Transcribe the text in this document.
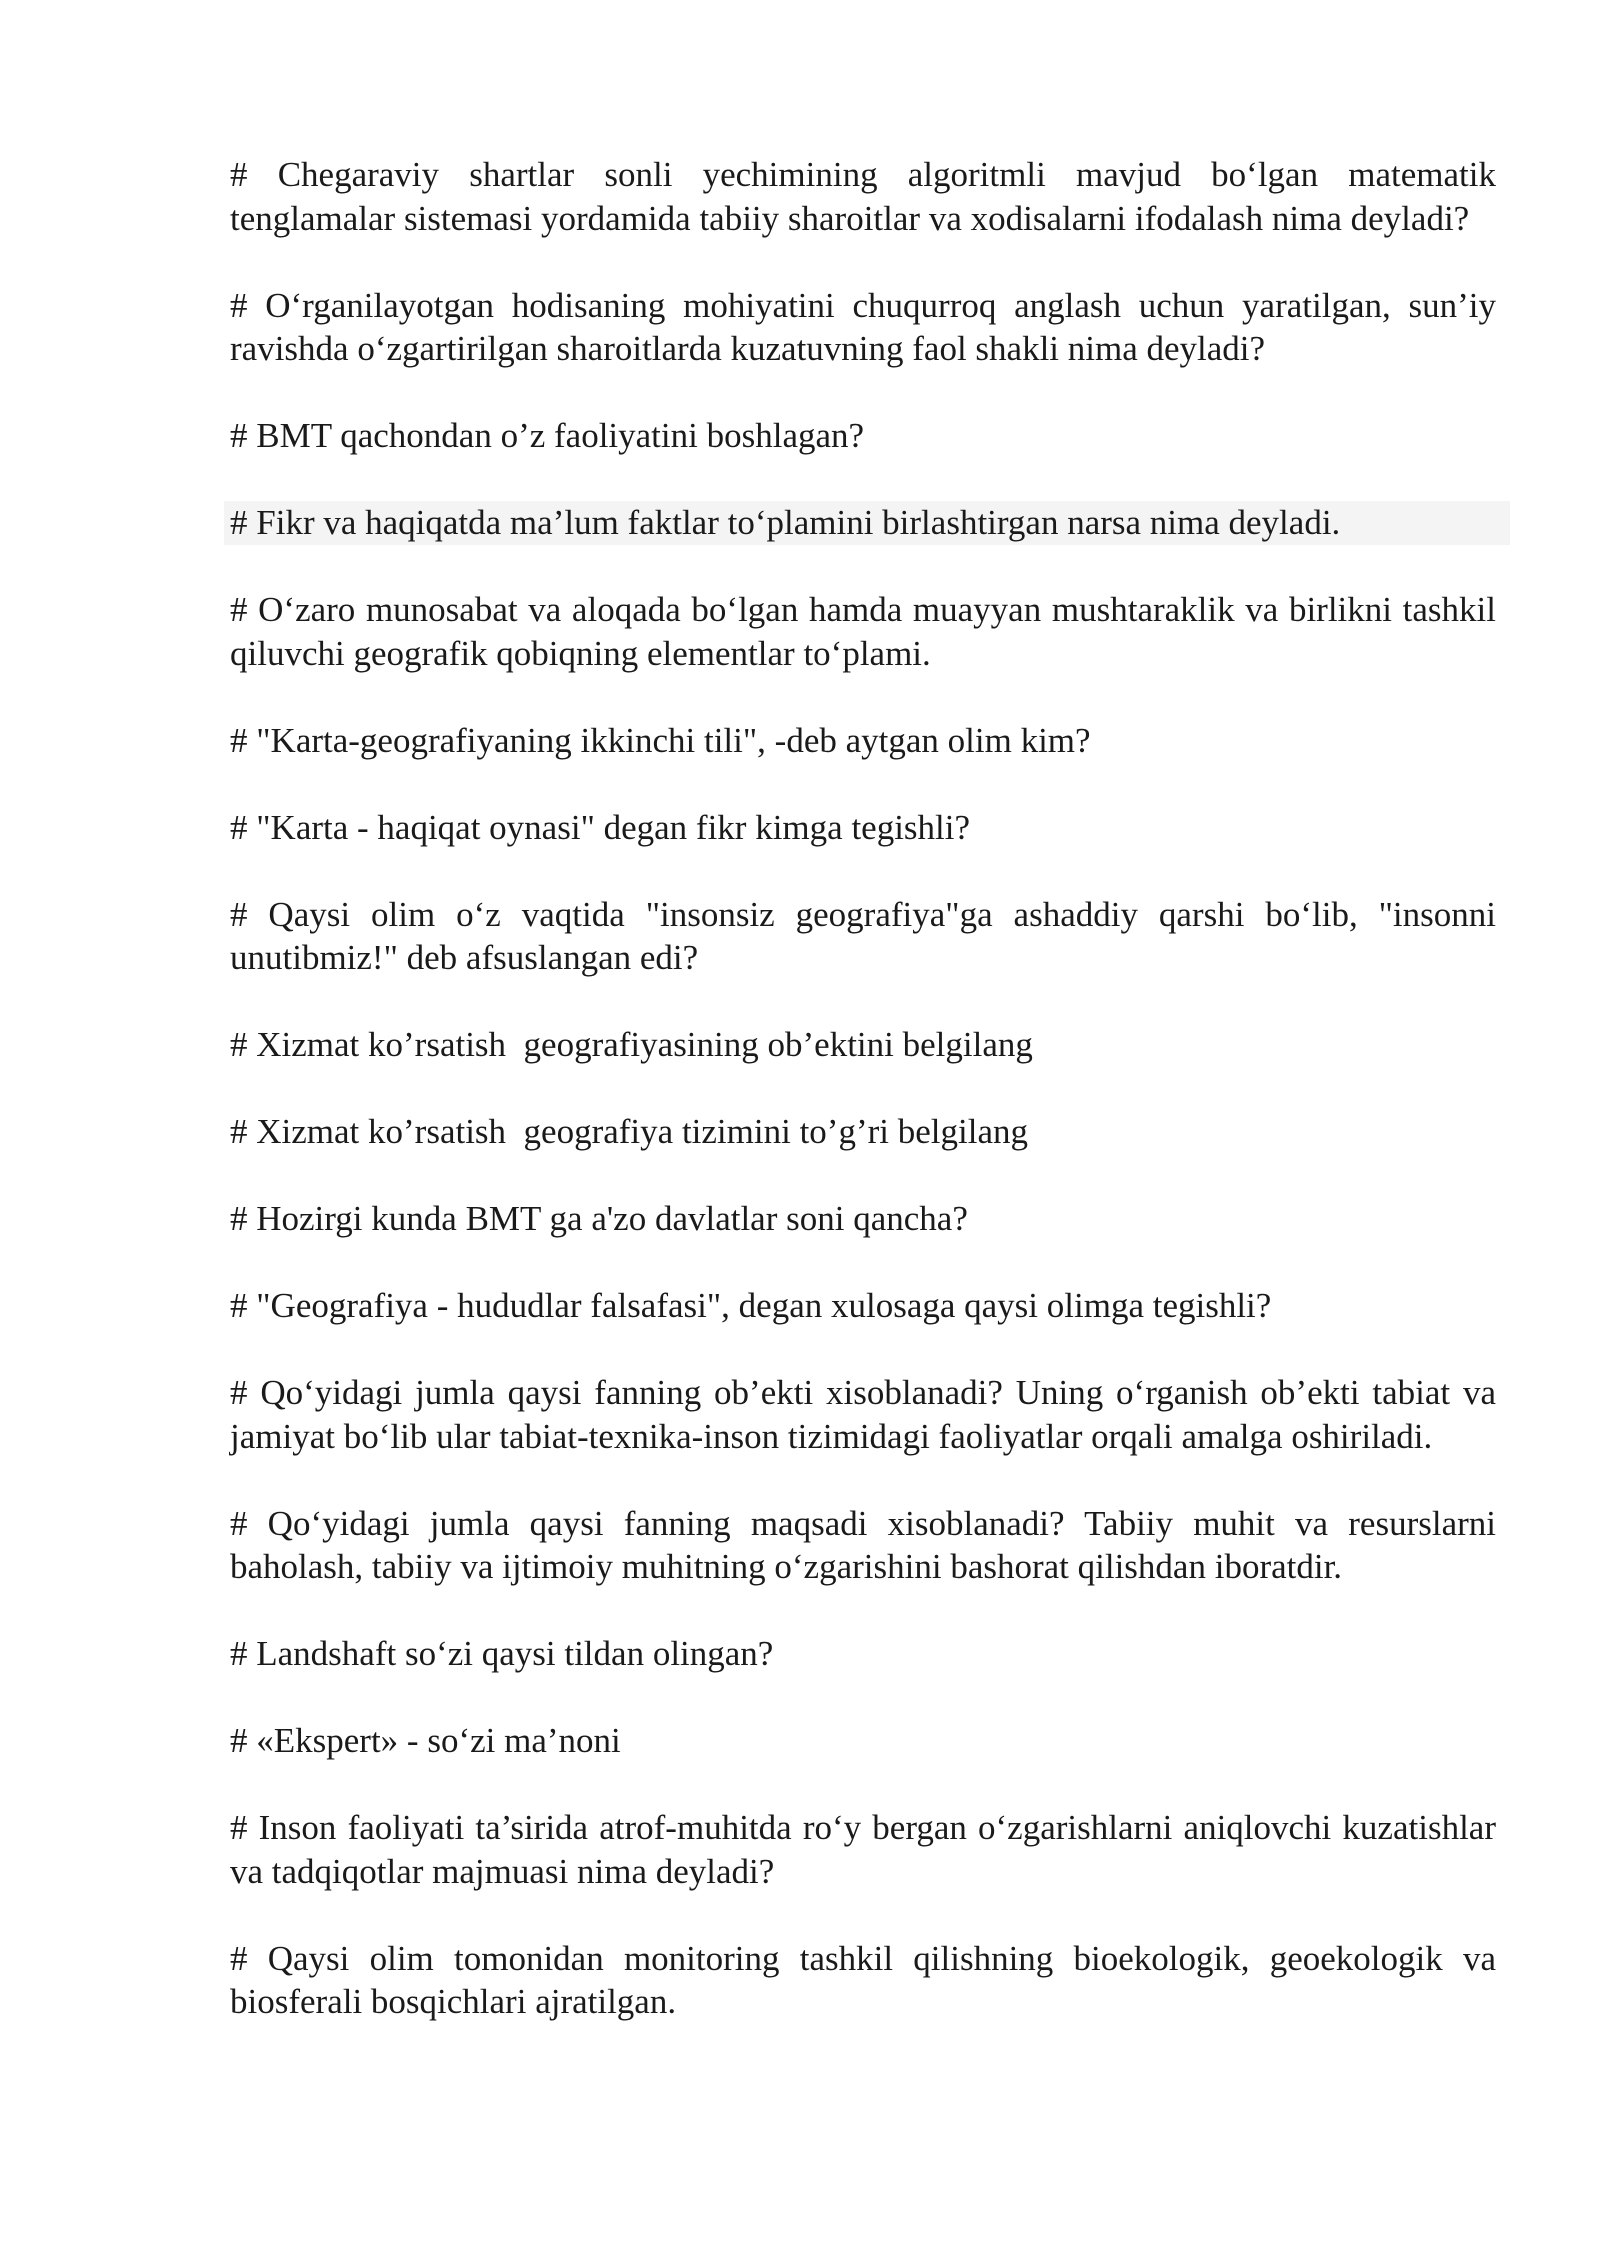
# Chegaraviy shartlar sonli yechimining algoritmli mavjud bo‘lgan matematik tenglamalar sistemasi yordamida tabiiy sharoitlar va xodisalarni ifodalash nima deyladi?

# O‘rganilayotgan hodisaning mohiyatini chuqurroq anglash uchun yaratilgan, sun’iy ravishda o‘zgartirilgan sharoitlarda kuzatuvning faol shakli nima deyladi?

# BMT qachondan o’z faoliyatini boshlagan?

# Fikr va haqiqatda ma’lum faktlar to‘plamini birlashtirgan narsa nima deyladi.

# O‘zaro munosabat va aloqada bo‘lgan hamda muayyan mushtaraklik va birlikni tashkil qiluvchi geografik qobiqning elementlar to‘plami.

# "Karta-geografiyaning ikkinchi tili", -deb aytgan olim kim?

# "Karta - haqiqat oynasi" degan fikr kimga tegishli?

# Qaysi olim o‘z vaqtida "insonsiz geografiya"ga ashaddiy qarshi bo‘lib, "insonni unutibmiz!" deb afsuslangan edi?

# Xizmat ko’rsatish  geografiyasining ob’ektini belgilang

# Xizmat ko’rsatish  geografiya tizimini to’g’ri belgilang

# Hozirgi kunda BMT ga a'zo davlatlar soni qancha?

# "Geografiya - hududlar falsafasi", degan xulosaga qaysi olimga tegishli?

# Qo‘yidagi jumla qaysi fanning ob’ekti xisoblanadi? Uning o‘rganish ob’ekti tabiat va jamiyat bo‘lib ular tabiat-texnika-inson tizimidagi faoliyatlar orqali amalga oshiriladi.

# Qo‘yidagi jumla qaysi fanning maqsadi xisoblanadi? Tabiiy muhit va resurslarni baholash, tabiiy va ijtimoiy muhitning o‘zgarishini bashorat qilishdan iboratdir.

# Landshaft so‘zi qaysi tildan olingan?

# «Ekspert» - so‘zi ma’noni

# Inson faoliyati ta’sirida atrof-muhitda ro‘y bergan o‘zgarishlarni aniqlovchi kuzatishlar va tadqiqotlar majmuasi nima deyladi?

# Qaysi olim tomonidan monitoring tashkil qilishning bioekologik, geoekologik va biosferali bosqichlari ajratilgan.
